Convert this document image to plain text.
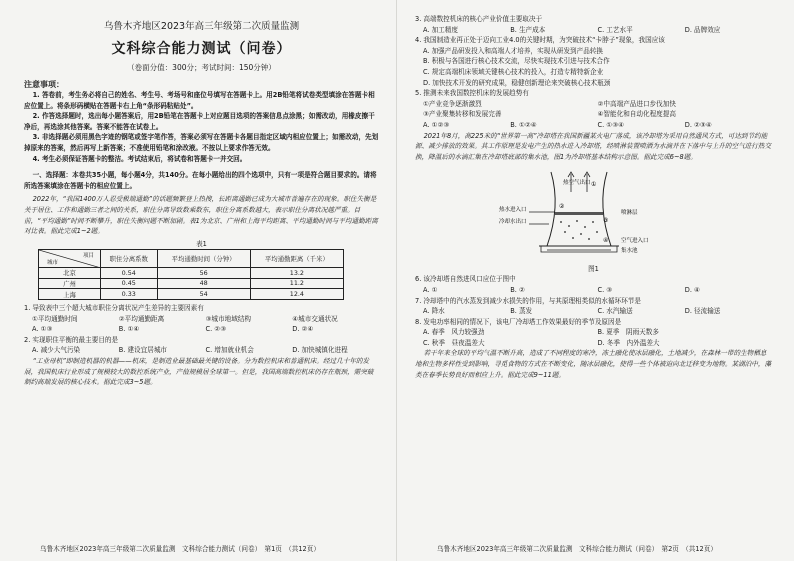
乌鲁木齐地区2023年高三年级第二次质量监测
文科综合能力测试（问卷）
（卷面分值：300分；考试时间：150分钟）
注意事项：
1. 答卷前，考生务必将自己的姓名、考生号、考场号和座位号填写在答题卡上。用2B铅笔将试卷类型填涂在答题卡相应位置上。将条形码横贴在答题卡右上角“条形码粘贴处”。
2. 作答选择题时，选出每小题答案后，用2B铅笔在答题卡上对应题目选项的答案信息点涂黑；如需改动，用橡皮擦干净后，再选涂其他答案。答案不能答在试卷上。
3. 非选择题必须用黑色字迹的钢笔或签字笔作答，答案必须写在答题卡各题目指定区域内相应位置上；如需改动，先划掉原来的答案，然后再写上新答案；不准使用铅笔和涂改液。不按以上要求作答无效。
4. 考生必须保证答题卡的整洁。考试结束后，将试卷和答题卡一并交回。
一、选择题：本卷共35小题，每小题4分，共140分。在每小题给出的四个选项中，只有一项是符合题目要求的。请将所选答案填涂在答题卡的相应位置上。
2022年，“我国1400万人忍受极端通勤”的话题频繁登上热搜，长距离通勤已成为大城市普遍存在的现象。职住失衡是关于居住、工作和通勤三者之间的关系，职住分离导致数乘数东，职住分离系数越大，表示职住分离状况越严重。目前，“平均通勤”时间不断攀升，职住失衡问题不断加剧。表1为北京、广州和上海平均距离、平均通勤时间与平均通勤距离对比表。据此完成1~2题。
表1
项目
城市	职住分离系数	平均通勤时间（分钟）	平均通勤距离（千米）
北京	0.54	56	13.2
广州	0.45	48	11.2
上海	0.33	54	12.4
1. 导致表中三个超大城市职住分离状况产生差异的主要因素有
①平均通勤时间	②平均通勤距离	③城市地域结构	④城市交通状况
A. ①③	B. ①④	C. ②③	D. ②④
2. 实现职住平衡的最主要目的是
A. 减少大气污染	B. 建设宜居城市	C. 增加就业机会	D. 加快城镇化进程
“工业母机”即制造机器的机器——机床，是制造业最基础最关键的设备。分为数控机床和普通机床。经过几十年的发展，我国机床行业形成了规模较大的数控系统产业，产值规模居全球第一。但是，我国高端数控机床仍存在瓶颈，需突破制约高端发展的核心技术。据此完成3~5题。
乌鲁木齐地区2023年高三年级第二次质量监测　文科综合能力测试（问卷）　第1页　（共12页）
3. 高端数控机床的核心产业价值主要取决于
A. 加工精度	B. 生产成本	C. 工艺水平	D. 品牌效应
4. 我国制造业再正处于迈向工业4.0的关键时期，为突破技术“卡脖子”现象，我国应该
A. 加强产品研发投入和高端人才培养，实现从研发到产品转换
B. 积极与各国进行核心技术交流，尽快实现技术引进与技术合作
C. 规定高端机床领域关键核心技术的投入，打造专精特新企业
D. 加快技术开发的研究成果，稳健创新理论来突破核心技术瓶颈
5. 推测未来我国数控机床的发展趋势有
①产业竞争逐渐激烈	②中高端产品进口步伐加快
③产业聚集转移和发展完善	④智能化和自动化程度提高
A. ①②③	B. ①②④	C. ①③④	D. ②③④
2021年8月，高225米的“世界第一高”冷却塔在我国新疆某火电厂落成，该冷却塔为采用自然通风方式，可达到节约能源、减少排放的效果。其工作原理是发电产生的热水进入冷却塔，经喷淋装置喷洒为水滴并在下落中与上升的空气进行热交换，降温后的水滴汇集在冷却塔底部的集水池，图1为冷却塔基本结构示意图。据此完成6~8题。
热水进入口
冷却水出口
热空气出口
喷淋层
空气进入口
集水池
①
②
③
④
图1
6. 该冷却塔自然进风口应位于图中
A. ①	B. ②	C. ③	D. ④
7. 冷却塔中的汽水蒸发到减少水损失的作用，与其原理相类似的水循环环节是
A. 降水	B. 蒸发	C. 水汽输送	D. 径流输送
8. 发电功率相同的情况下，该电厂冷却塔工作效果最好的季节及原因是
A. 春季　风力较强劲	B. 夏季　阴雨天数多
C. 秋季　昼夜温差大	D. 冬季　内外温差大
若干年来全球的平均气温不断升高，造成了不同程度的寒冷，冻土融化使冰层融化，土地减少，在森林一带的生物栖息地和生物多样性受到影响，寻觅食物的方式在不断变化，随冰层融化，使得一些个体被迫向北迁移变为地物。某湖泊中，藻类在春季长势良好而相应上升。据此完成9~11题。
乌鲁木齐地区2023年高三年级第二次质量监测　文科综合能力测试（问卷）　第2页　（共12页）
